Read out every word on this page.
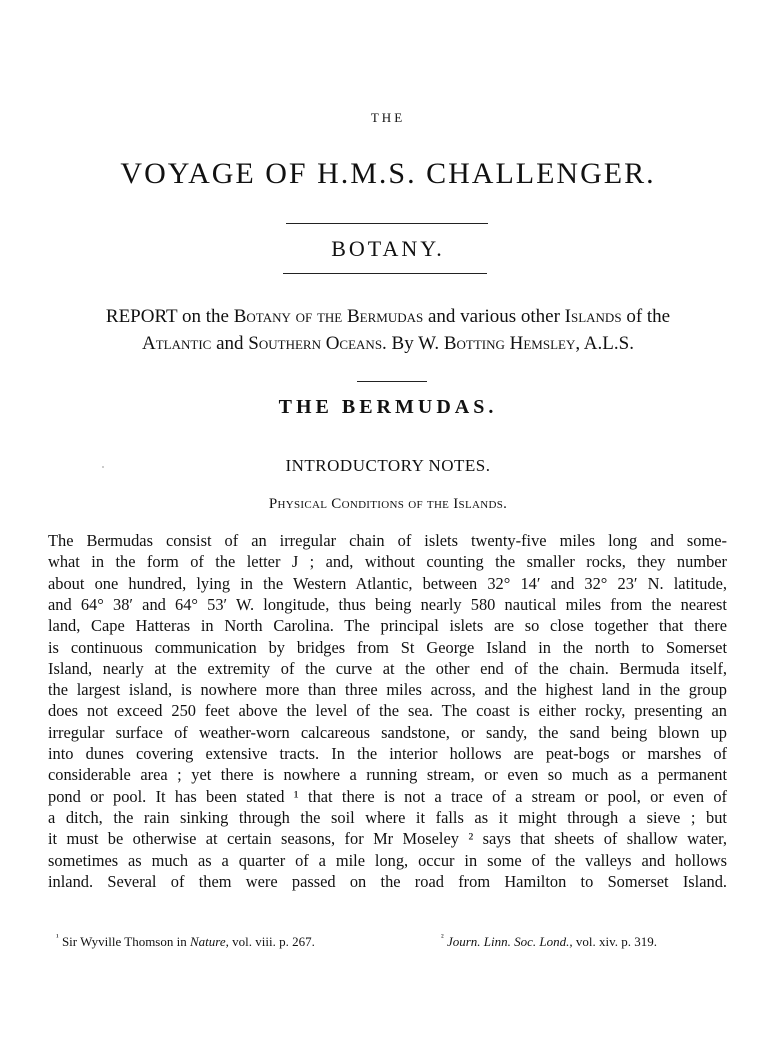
THE
VOYAGE OF H.M.S. CHALLENGER.
BOTANY.
REPORT on the Botany of the Bermudas and various other Islands of the
Atlantic and Southern Oceans. By W. Botting Hemsley, A.L.S.
THE BERMUDAS.
INTRODUCTORY NOTES.
Physical Conditions of the Islands.
The Bermudas consist of an irregular chain of islets twenty-five miles long and some-
what in the form of the letter J ; and, without counting the smaller rocks, they number
about one hundred, lying in the Western Atlantic, between 32° 14′ and 32° 23′ N. latitude,
and 64° 38′ and 64° 53′ W. longitude, thus being nearly 580 nautical miles from the nearest
land, Cape Hatteras in North Carolina. The principal islets are so close together that there
is continuous communication by bridges from St George Island in the north to Somerset
Island, nearly at the extremity of the curve at the other end of the chain. Bermuda itself,
the largest island, is nowhere more than three miles across, and the highest land in the group
does not exceed 250 feet above the level of the sea. The coast is either rocky, presenting an
irregular surface of weather-worn calcareous sandstone, or sandy, the sand being blown up
into dunes covering extensive tracts. In the interior hollows are peat-bogs or marshes of
considerable area ; yet there is nowhere a running stream, or even so much as a permanent
pond or pool. It has been stated ¹ that there is not a trace of a stream or pool, or even of
a ditch, the rain sinking through the soil where it falls as it might through a sieve ; but
it must be otherwise at certain seasons, for Mr Moseley ² says that sheets of shallow water,
sometimes as much as a quarter of a mile long, occur in some of the valleys and hollows
inland. Several of them were passed on the road from Hamilton to Somerset Island.
$^{^1}$ Sir Wyville Thomson in Nature, vol. viii. p. 267.	$^{^2}$ Journ. Linn. Soc. Lond., vol. xiv. p. 319.
